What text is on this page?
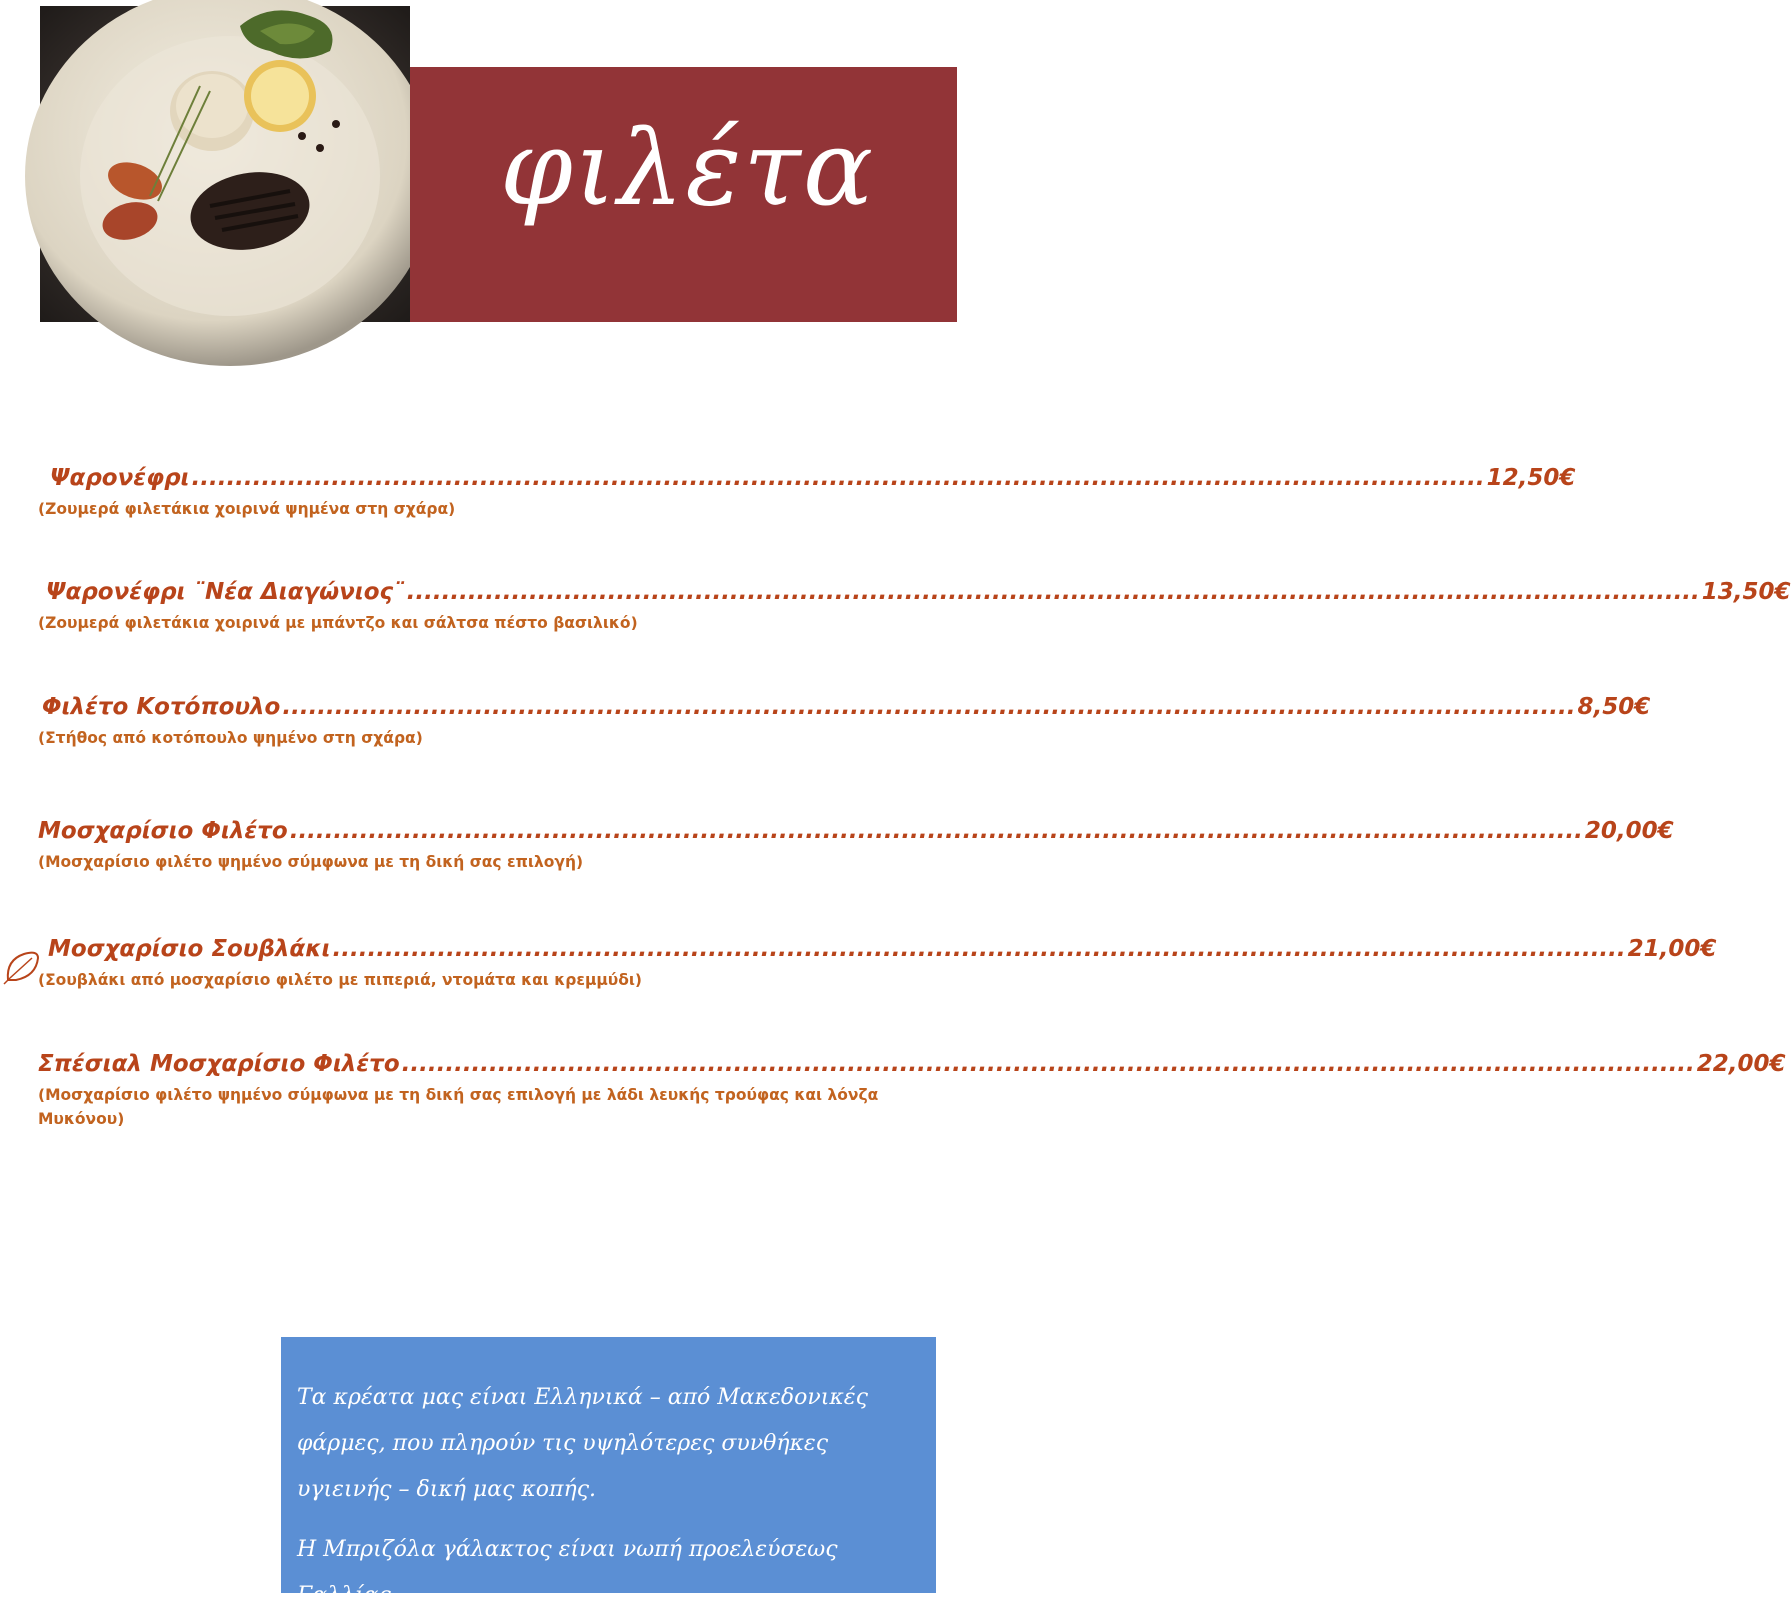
φιλέτα
Ψαρονέφρι .................................................................................................................................................... 12,50€
(Ζουμερά φιλετάκια χοιρινά ψημένα στη σχάρα)
Ψαρονέφρι ¨Νέα Διαγώνιος¨ .................................................................................................................................................... 13,50€
(Ζουμερά φιλετάκια χοιρινά με μπάντζο και σάλτσα πέστο βασιλικό)
Φιλέτο Κοτόπουλο .................................................................................................................................................... 8,50€
(Στήθος από κοτόπουλο ψημένο στη σχάρα)
Μοσχαρίσιο Φιλέτο .................................................................................................................................................... 20,00€
(Μοσχαρίσιο φιλέτο ψημένο σύμφωνα με τη δική σας επιλογή)
Μοσχαρίσιο Σουβλάκι .................................................................................................................................................... 21,00€
(Σουβλάκι από μοσχαρίσιο φιλέτο με πιπεριά, ντομάτα και κρεμμύδι)
Σπέσιαλ Μοσχαρίσιο Φιλέτο .................................................................................................................................................... 22,00€
(Μοσχαρίσιο φιλέτο ψημένο σύμφωνα με τη δική σας επιλογή με λάδι λευκής τρούφας και λόνζα Μυκόνου)

Τα κρέατα μας είναι Ελληνικά – από Μακεδονικές φάρμες, που πληρούν τις υψηλότερες συνθήκες υγιεινής – δική μας κοπής.

Η Μπριζόλα γάλακτος είναι νωπή προελεύσεως Γαλλίας.
